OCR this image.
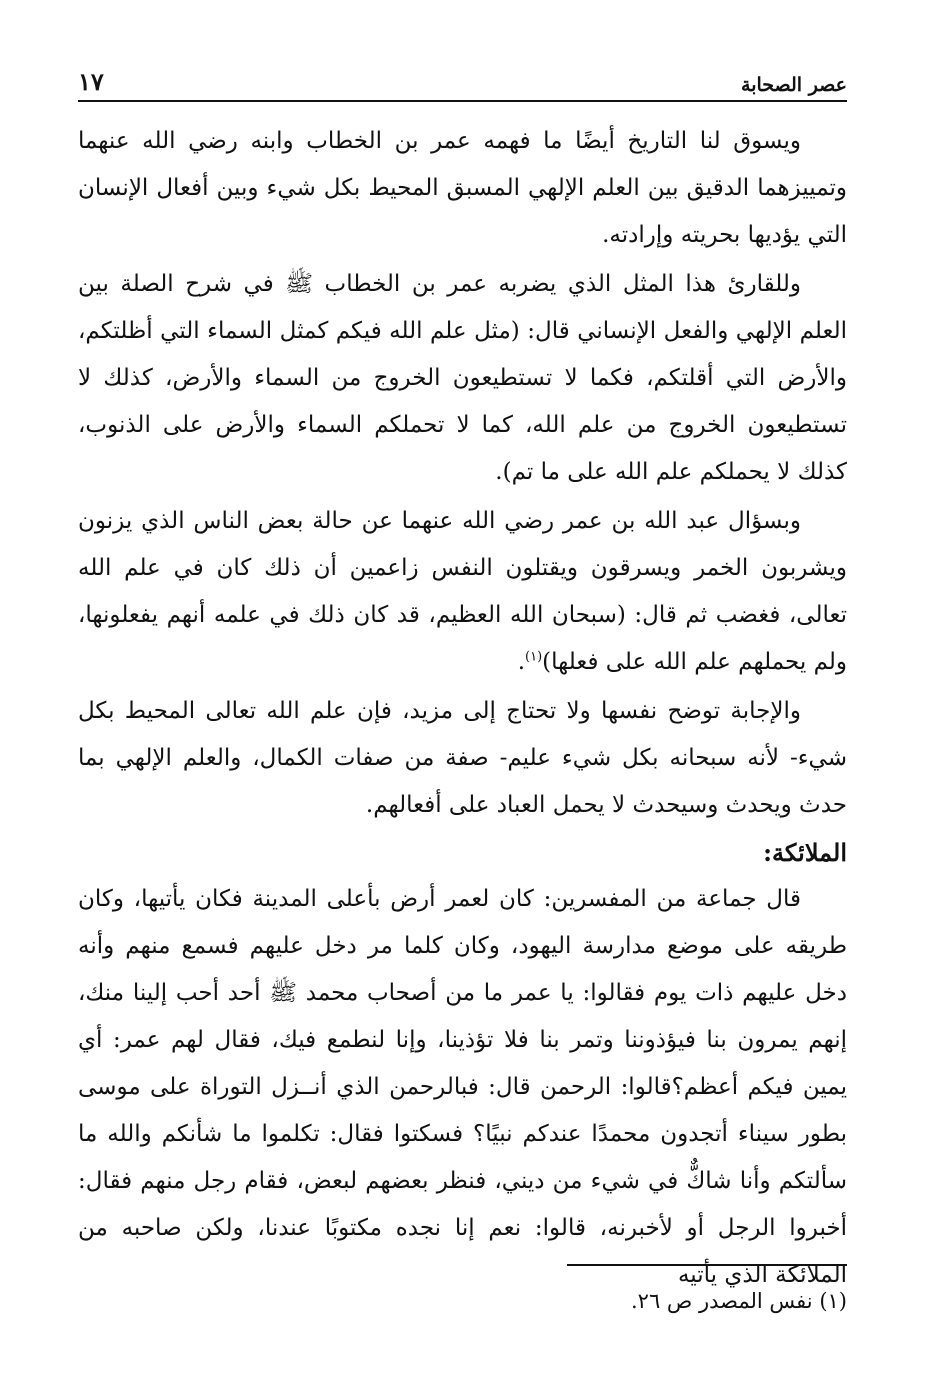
عصر الصحابة
١٧

ويسوق لنا التاريخ أيضًا ما فهمه عمر بن الخطاب وابنه رضي الله عنهما وتمييزهما الدقيق بين العلم الإلهي المسبق المحيط بكل شيء وبين أفعال الإنسان التي يؤديها بحريته وإرادته.

وللقارئ هذا المثل الذي يضربه عمر بن الخطاب ﷺ في شرح الصلة بين العلم الإلهي والفعل الإنساني قال: (مثل علم الله فيكم كمثل السماء التي أظلتكم، والأرض التي أقلتكم، فكما لا تستطيعون الخروج من السماء والأرض، كذلك لا تستطيعون الخروج من علم الله، كما لا تحملكم السماء والأرض على الذنوب، كذلك لا يحملكم علم الله على ما تم).

وبسؤال عبد الله بن عمر رضي الله عنهما عن حالة بعض الناس الذي يزنون ويشربون الخمر ويسرقون ويقتلون النفس زاعمين أن ذلك كان في علم الله تعالى، فغضب ثم قال: (سبحان الله العظيم، قد كان ذلك في علمه أنهم يفعلونها، ولم يحملهم علم الله على فعلها)$^{(١)}$.

والإجابة توضح نفسها ولا تحتاج إلى مزيد، فإن علم الله تعالى المحيط بكل شيء- لأنه سبحانه بكل شيء عليم- صفة من صفات الكمال، والعلم الإلهي بما حدث ويحدث وسيحدث لا يحمل العباد على أفعالهم.

الملائكة:

قال جماعة من المفسرين: كان لعمر أرض بأعلى المدينة فكان يأتيها، وكان طريقه على موضع مدارسة اليهود، وكان كلما مر دخل عليهم فسمع منهم وأنه دخل عليهم ذات يوم فقالوا: يا عمر ما من أصحاب محمد ﷺ أحد أحب إلينا منك، إنهم يمرون بنا فيؤذوننا وتمر بنا فلا تؤذينا، وإنا لنطمع فيك، فقال لهم عمر: أي يمين فيكم أعظم؟قالوا: الرحمن قال: فبالرحمن الذي أنــزل التوراة على موسى بطور سيناء أتجدون محمدًا عندكم نبيًا؟ فسكتوا فقال: تكلموا ما شأنكم والله ما سألتكم وأنا شاكٌّ في شيء من ديني، فنظر بعضهم لبعض، فقام رجل منهم فقال: أخبروا الرجل أو لأخبرنه، قالوا: نعم إنا نجده مكتوبًا عندنا، ولكن صاحبه من الملائكة الذي يأتيه

(١) نفس المصدر ص ٢٦.
